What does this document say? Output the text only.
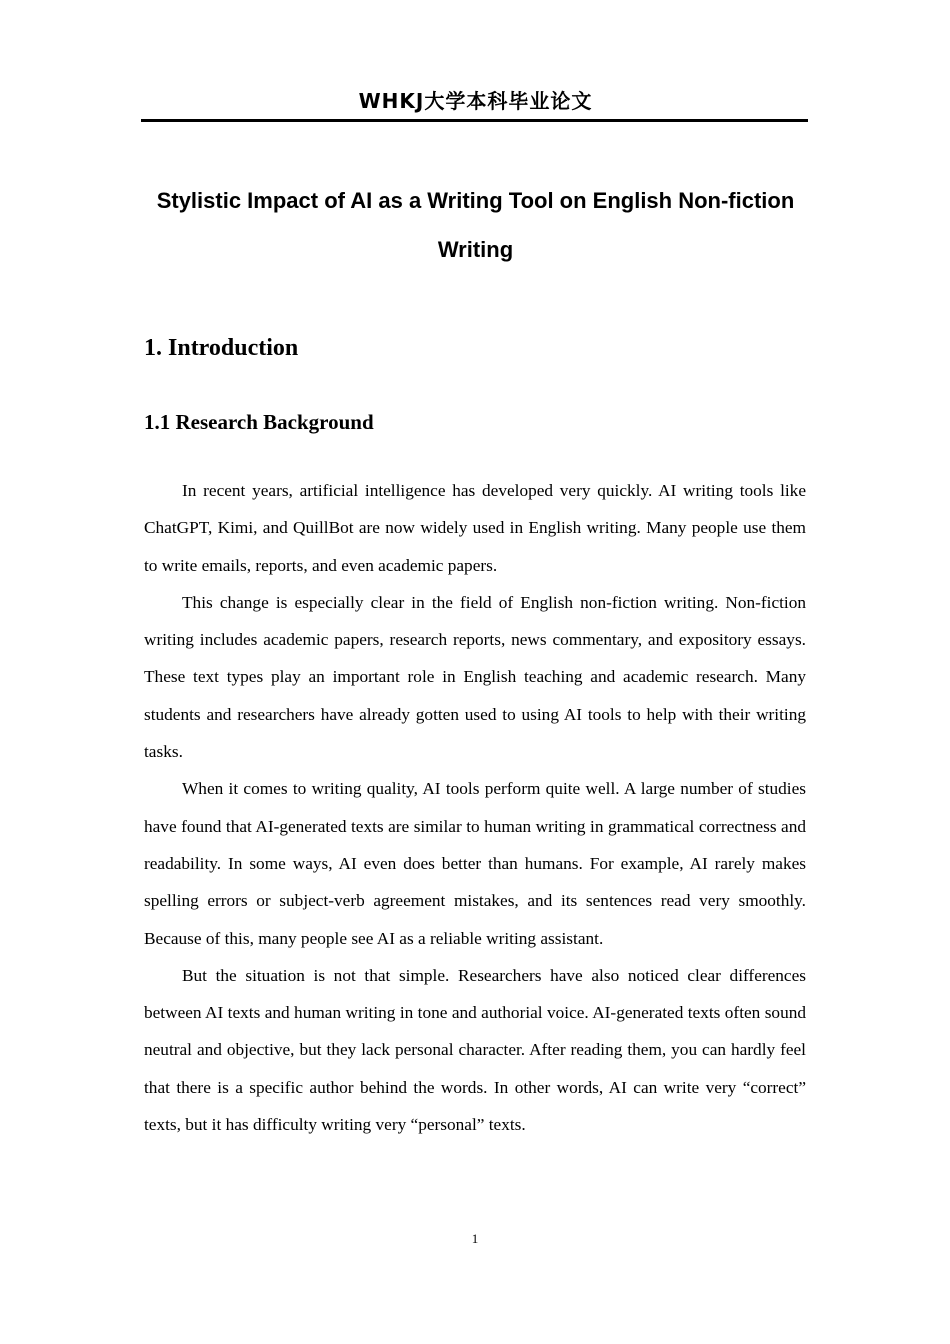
WHKJ大学本科毕业论文
Stylistic Impact of AI as a Writing Tool on English Non-fiction Writing
1. Introduction
1.1 Research Background

In recent years, artificial intelligence has developed very quickly. AI writing tools like ChatGPT, Kimi, and QuillBot are now widely used in English writing. Many people use them to write emails, reports, and even academic papers.

This change is especially clear in the field of English non-fiction writing. Non-fiction writing includes academic papers, research reports, news commentary, and expository essays. These text types play an important role in English teaching and academic research. Many students and researchers have already gotten used to using AI tools to help with their writing tasks.

When it comes to writing quality, AI tools perform quite well. A large number of studies have found that AI-generated texts are similar to human writing in grammatical correctness and readability. In some ways, AI even does better than humans. For example, AI rarely makes spelling errors or subject-verb agreement mistakes, and its sentences read very smoothly. Because of this, many people see AI as a reliable writing assistant.

But the situation is not that simple. Researchers have also noticed clear differences between AI texts and human writing in tone and authorial voice. AI-generated texts often sound neutral and objective, but they lack personal character. After reading them, you can hardly feel that there is a specific author behind the words. In other words, AI can write very “correct” texts, but it has difficulty writing very “personal” texts.

1
